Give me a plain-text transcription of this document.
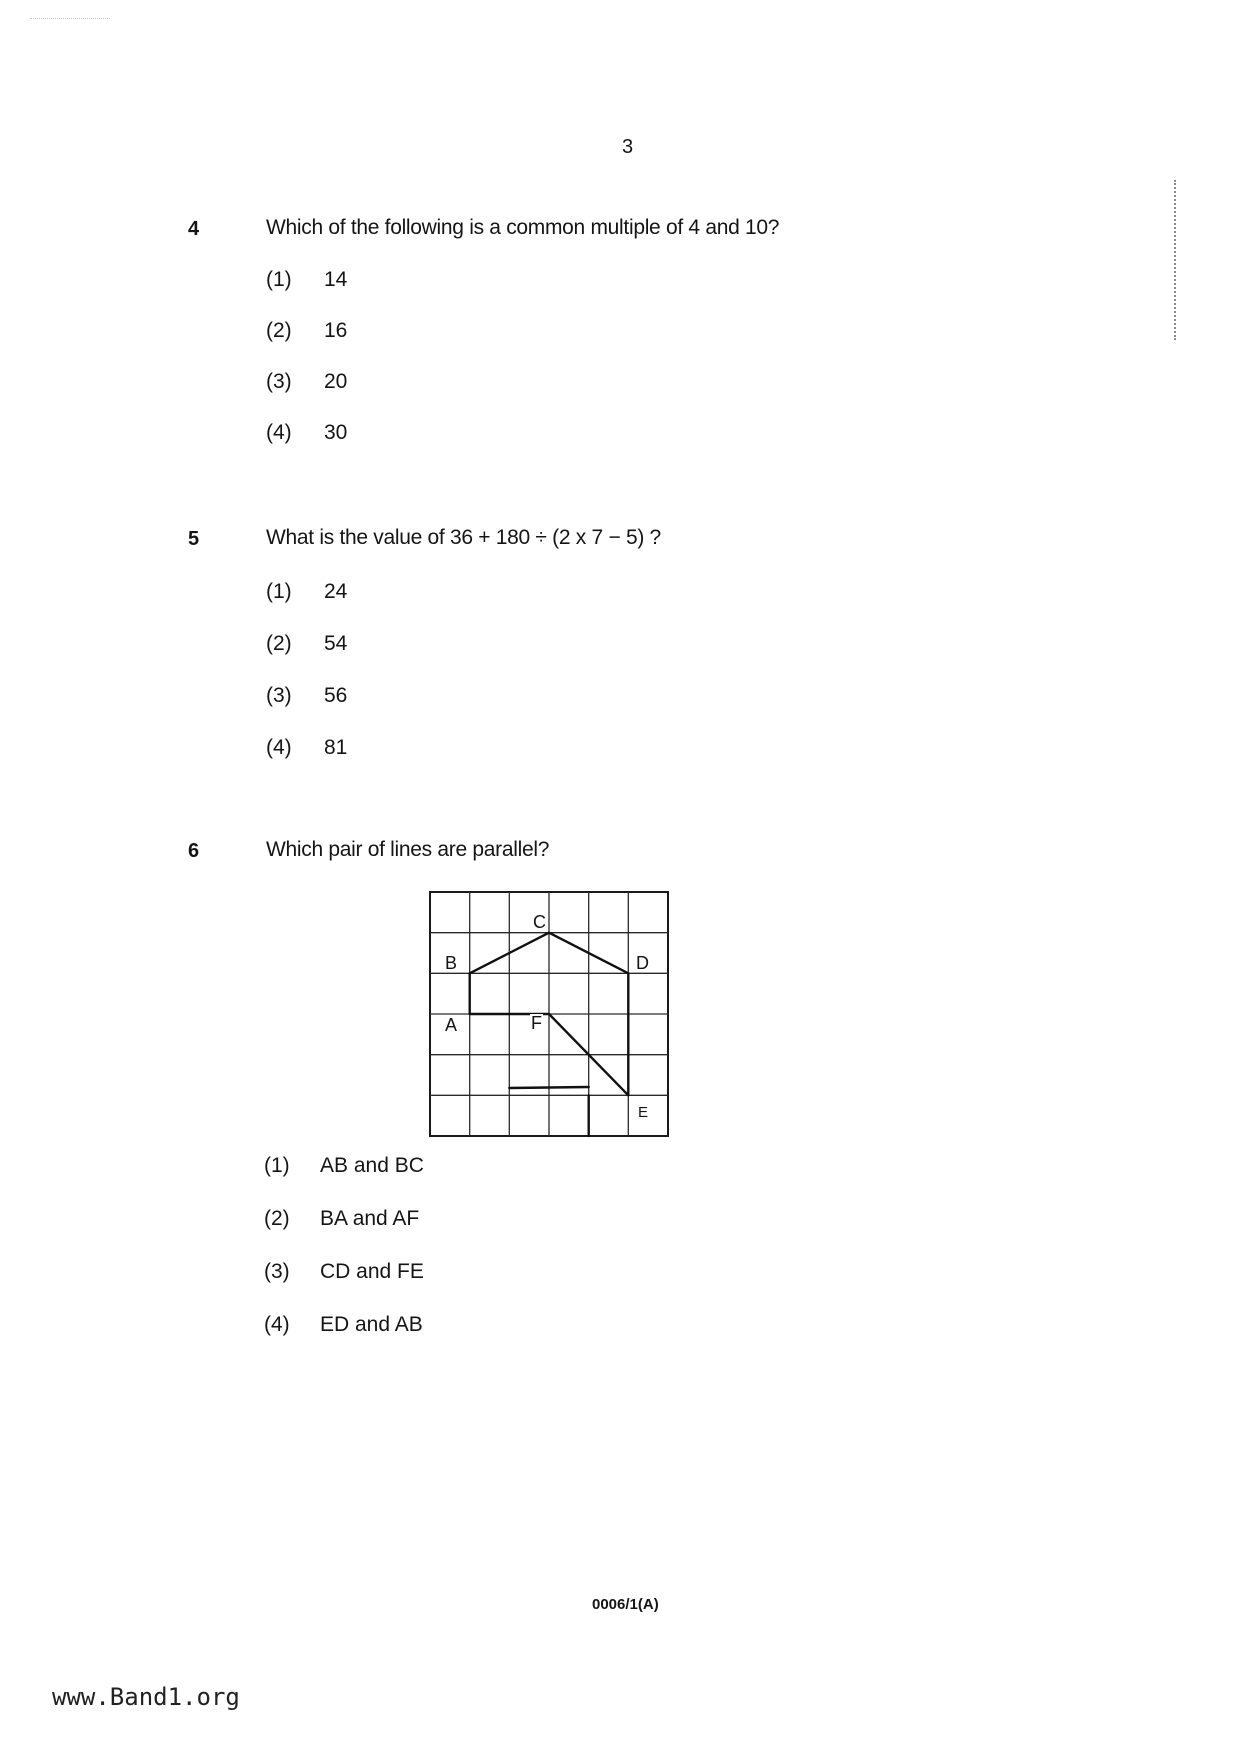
3
4	Which of the following is a common multiple of 4 and 10?
(1) 14
(2) 16
(3) 20
(4) 30
5	What is the value of 36 + 180 ÷ (2 x 7 − 5) ?
(1) 24
(2) 54
(3) 56
(4) 81
6	Which pair of lines are parallel?
C
B	D
A	F
E
(1) AB and BC
(2) BA and AF
(3) CD and FE
(4) ED and AB
0006/1(A)
www.Band1.org
